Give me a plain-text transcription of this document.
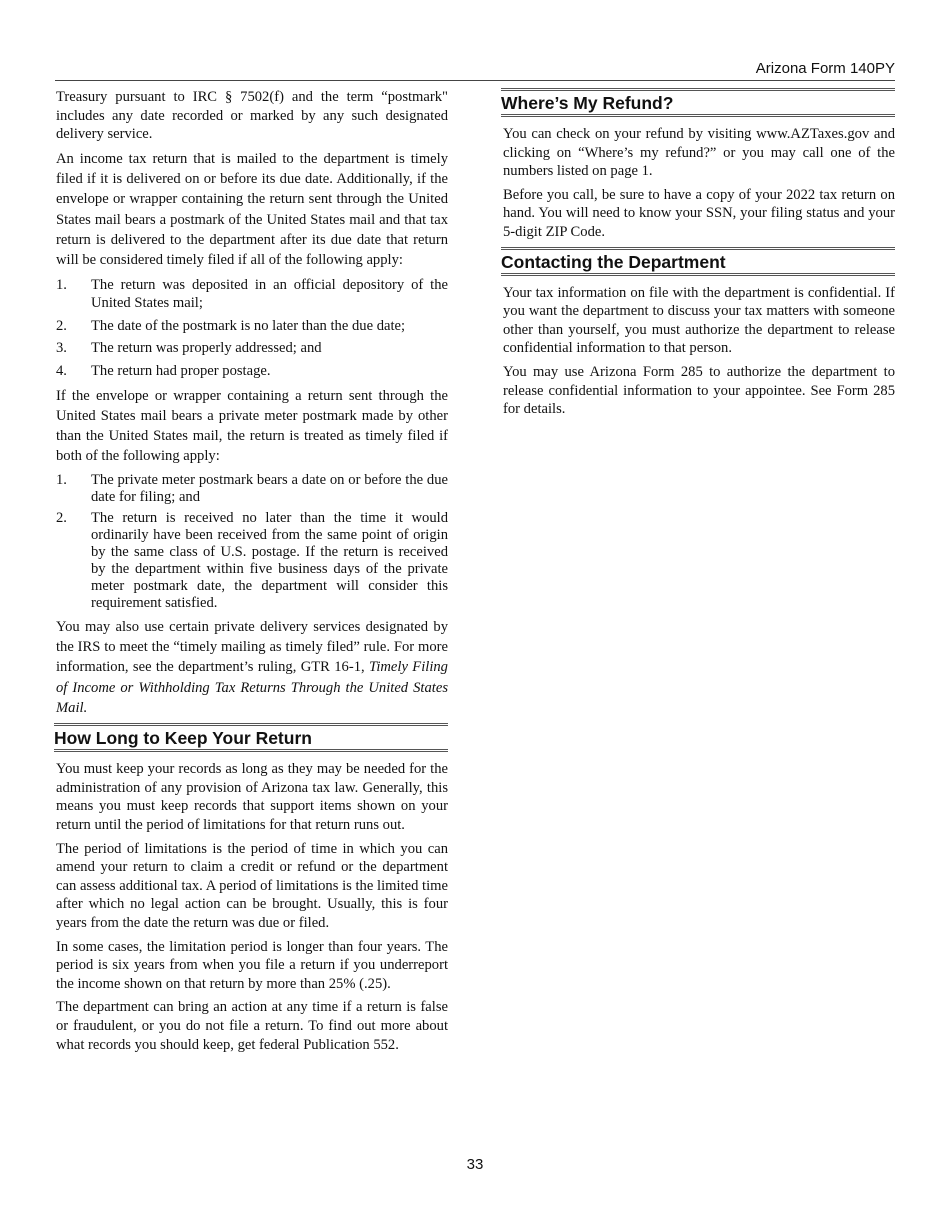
Arizona Form 140PY

Treasury pursuant to IRC § 7502(f) and the term “postmark" includes any date recorded or marked by any such designated delivery service.

An income tax return that is mailed to the department is timely filed if it is delivered on or before its due date. Additionally, if the envelope or wrapper containing the return sent through the United States mail bears a postmark of the United States mail and that tax return is delivered to the department after its due date that return will be considered timely filed if all of the following apply:

1.	The return was deposited in an official depository of the United States mail;
2.	The date of the postmark is no later than the due date;
3.	The return was properly addressed; and
4.	The return had proper postage.

If the envelope or wrapper containing a return sent through the United States mail bears a private meter postmark made by other than the United States mail, the return is treated as timely filed if both of the following apply:

1.	The private meter postmark bears a date on or before the due date for filing; and
2.	The return is received no later than the time it would ordinarily have been received from the same point of origin by the same class of U.S. postage. If the return is received by the department within five business days of the private meter postmark date, the department will consider this requirement satisfied.

You may also use certain private delivery services designated by the IRS to meet the “timely mailing as timely filed” rule. For more information, see the department’s ruling, GTR 16-1, Timely Filing of Income or Withholding Tax Returns Through the United States Mail.

How Long to Keep Your Return

You must keep your records as long as they may be needed for the administration of any provision of Arizona tax law. Generally, this means you must keep records that support items shown on your return until the period of limitations for that return runs out.

The period of limitations is the period of time in which you can amend your return to claim a credit or refund or the department can assess additional tax. A period of limitations is the limited time after which no legal action can be brought. Usually, this is four years from the date the return was due or filed.

In some cases, the limitation period is longer than four years. The period is six years from when you file a return if you underreport the income shown on that return by more than 25% (.25).

The department can bring an action at any time if a return is false or fraudulent, or you do not file a return. To find out more about what records you should keep, get federal Publication 552.

Where’s My Refund?

You can check on your refund by visiting www.AZTaxes.gov and clicking on “Where’s my refund?” or you may call one of the numbers listed on page 1.

Before you call, be sure to have a copy of your 2022 tax return on hand. You will need to know your SSN, your filing status and your 5-digit ZIP Code.

Contacting the Department

Your tax information on file with the department is confidential. If you want the department to discuss your tax matters with someone other than yourself, you must authorize the department to release confidential information to that person.

You may use Arizona Form 285 to authorize the department to release confidential information to your appointee. See Form 285 for details.

33
